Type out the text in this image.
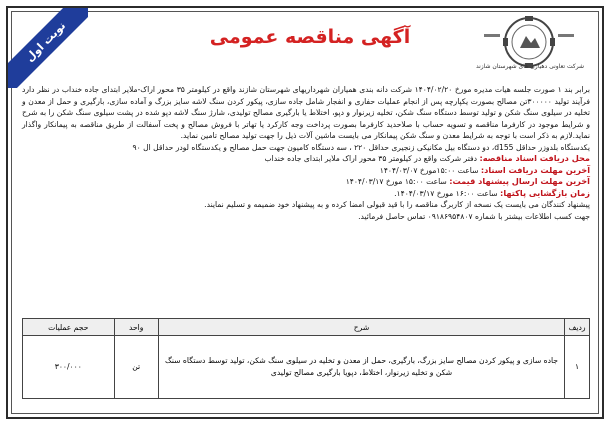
نوبت اول
شرکت تعاونی دهیاری های شهرستان شازند
آگهی مناقصه عمومی

برابر بند ۱ صورت جلسه هیات مدیره مورخ ۱۴۰۴/۰۲/۲۰ شرکت دانه بندی همیاران شهرداریهای شهرستان شازند واقع در کیلومتر ۳۵ محور اراک-ملایر ابتدای جاده خنداب در نظر دارد فرآیند تولید ۳۰۰۰۰۰تن مصالح بصورت یکپارچه پس از انجام عملیات حفاری و انفجار شامل جاده سازی، پیکور کردن سنگ لاشه سایز بزرگ و آماده سازی، بارگیری و حمل از معدن و تخلیه در سیلوی سنگ شکن و تولید توسط دستگاه سنگ شکن، تخلیه زیرنوار و دپو، اختلاط یا بارگیری مصالح تولیدی، شارژ سنگ لاشه دپو شده در پشت سیلوی سنگ شکن را به شرح و شرایط موجود در کارفرما مناقصه و تسویه حساب با صلاحدید کارفرما بصورت پرداخت وجه کارکرد یا تهاتر با فروش مصالح و پخت آسفالت از طریق مناقصه به پیمانکار واگذار نماید.لازم به ذکر است با توجه به شرایط معدن و سنگ شکن پیمانکار می بایست ماشین آلات ذیل را جهت تولید مصالح تامین نماید.

یکدستگاه بلدوزر حداقل d155، دو دستگاه بیل مکانیکی زنجیری حداقل ۲۲۰ ، سه دستگاه کامیون جهت حمل مصالح و یکدستگاه لودر حداقل ال ۹۰

محل دریافت اسناد مناقصه: دفتر شرکت واقع در کیلومتر ۳۵ محور اراک ملایر ابتدای جاده خنداب

آخرین مهلت دریافت اسناد: ساعت ۱۵:۰۰مورخ ۱۴۰۴/۰۳/۰۷

آخرین مهلت ارسال پیشنهاد قیمت: ساعت ۱۵:۰۰ مورخ ۱۴۰۴/۰۳/۱۷

زمان بازگشایی پاکتها: ساعت ۱۶:۰۰ مورخ ۱۴۰۴/۰۳/۱۷.

پیشنهاد کنندگان می بایست یک نسخه از کاربرگ مناقصه را با قید قبولی امضا کرده و به پیشنهاد خود ضمیمه و تسلیم نمایند.

جهت کسب اطلاعات بیشتر با شماره ۰۹۱۸۶۹۵۴۸۰۷ تماس حاصل فرمائید.

ردیف	شرح	واحد	حجم عملیات
۱	جاده سازی و پیکور کردن مصالح سایز بزرگ، بارگیری، حمل از معدن و تخلیه در سیلوی سنگ شکن، تولید توسط دستگاه سنگ شکن و تخلیه زیرنوار، اختلاط، دپویا بارگیری مصالح تولیدی	تن	۳۰۰/۰۰۰
